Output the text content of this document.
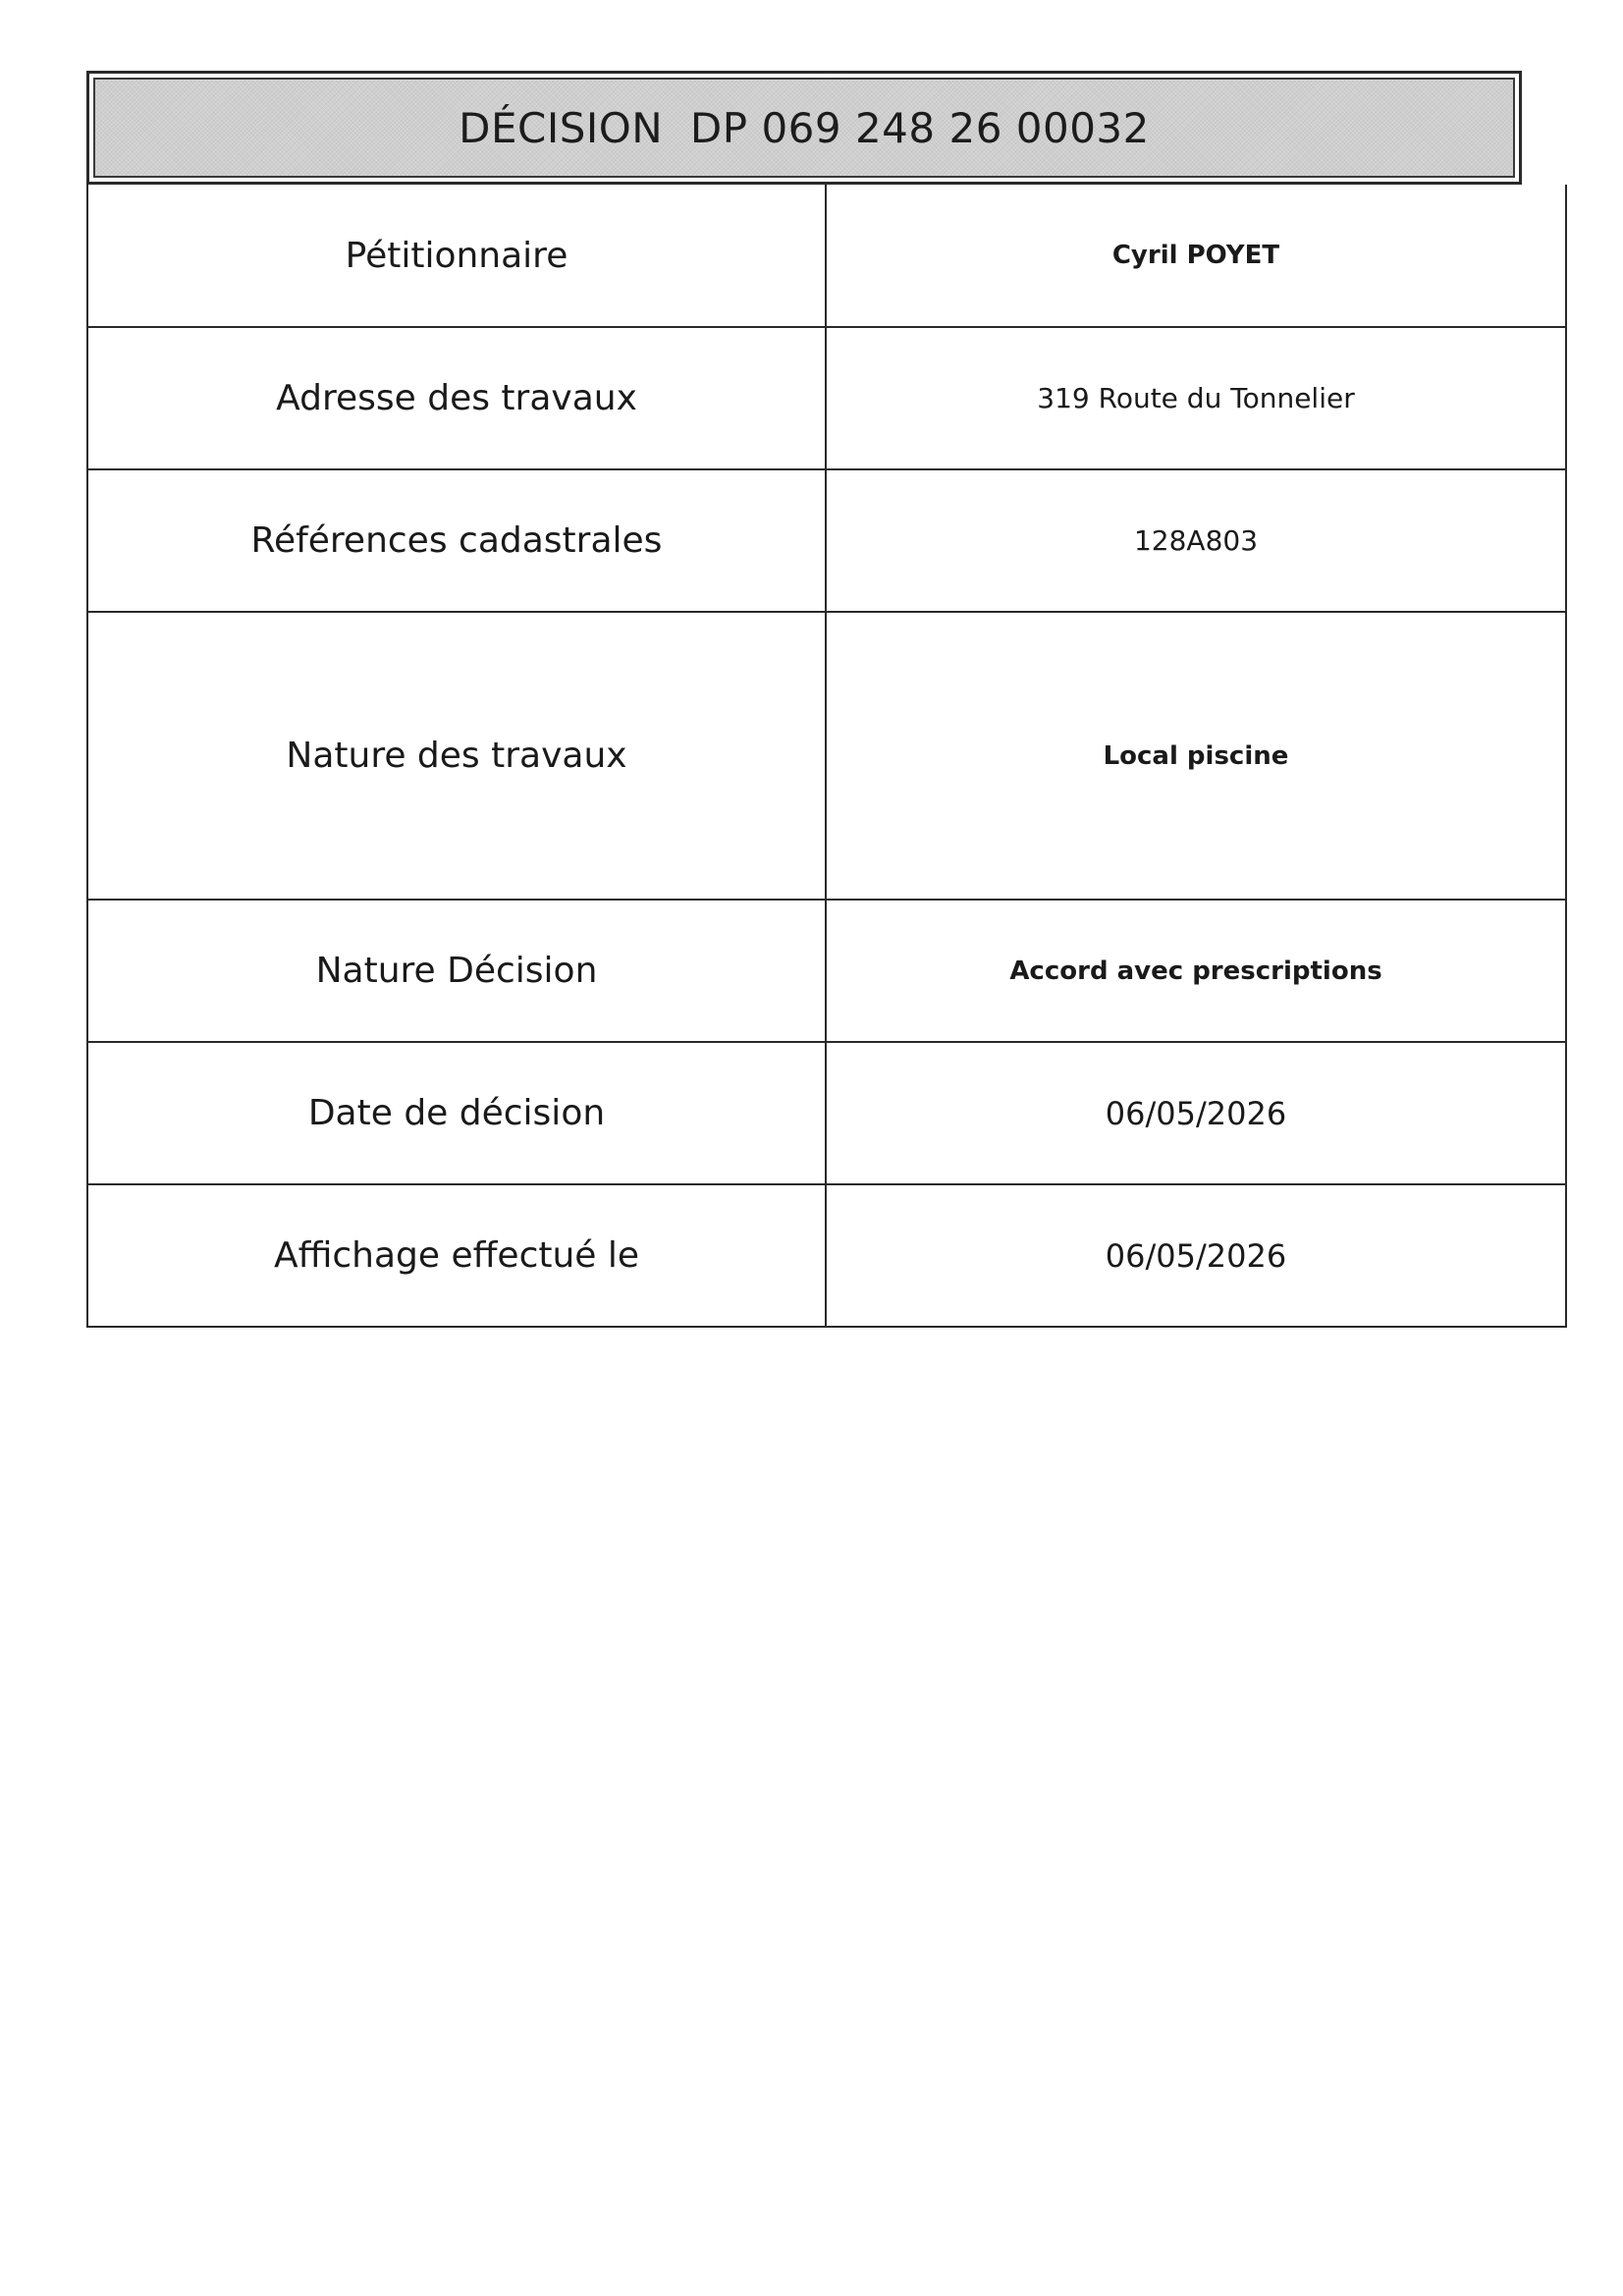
DÉCISION  DP 069 248 26 00032
Pétitionnaire	Cyril POYET
Adresse des travaux	319 Route du Tonnelier
Références cadastrales	128A803
Nature des travaux	Local piscine
Nature Décision	Accord avec prescriptions
Date de décision	06/05/2026
Affichage effectué le	06/05/2026
